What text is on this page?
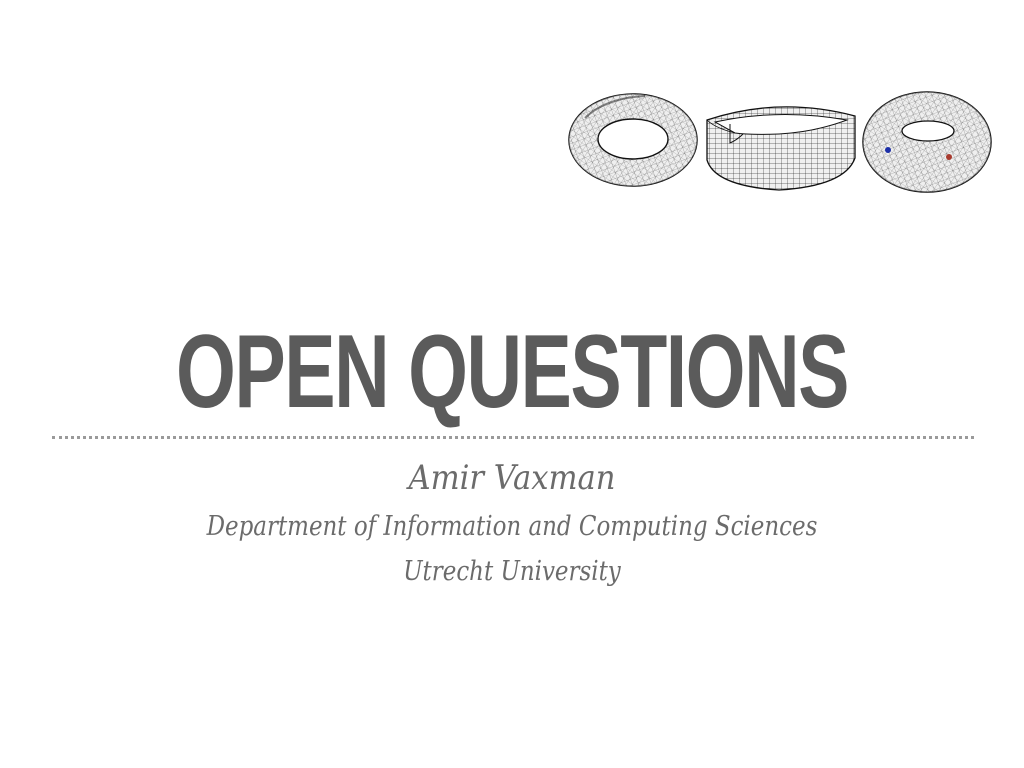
OPEN QUESTIONS
Amir Vaxman
Department of Information and Computing Sciences
Utrecht University
